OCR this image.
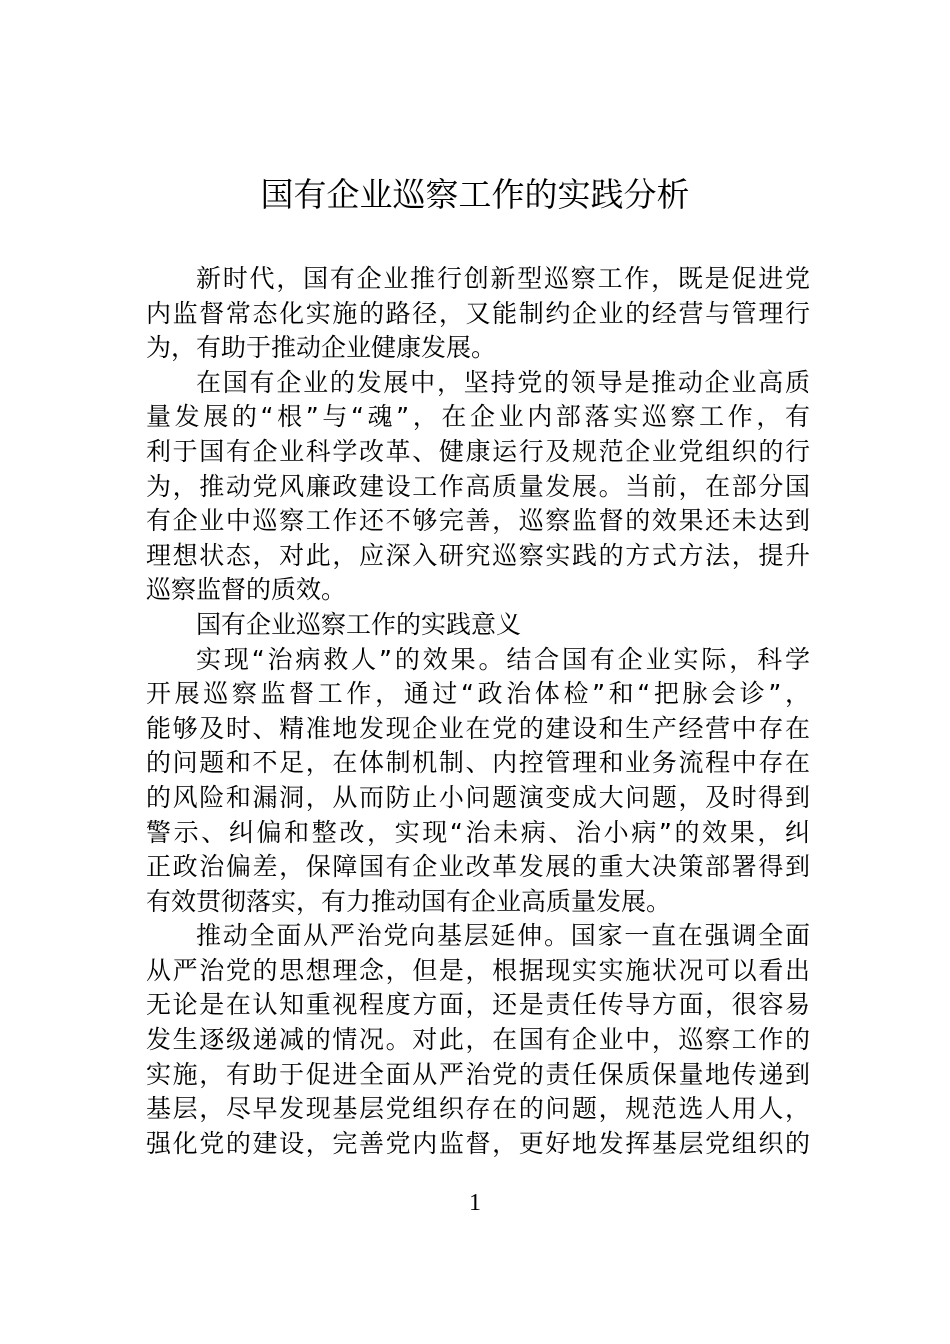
国有企业巡察工作的实践分析
新时代，国有企业推行创新型巡察工作，既是促进党
内监督常态化实施的路径，又能制约企业的经营与管理行
为，有助于推动企业健康发展。
在国有企业的发展中，坚持党的领导是推动企业高质
量发展的“根”与“魂”，在企业内部落实巡察工作，有
利于国有企业科学改革、健康运行及规范企业党组织的行
为，推动党风廉政建设工作高质量发展。当前，在部分国
有企业中巡察工作还不够完善，巡察监督的效果还未达到
理想状态，对此，应深入研究巡察实践的方式方法，提升
巡察监督的质效。
国有企业巡察工作的实践意义
实现“治病救人”的效果。结合国有企业实际，科学
开展巡察监督工作，通过“政治体检”和“把脉会诊”，
能够及时、精准地发现企业在党的建设和生产经营中存在
的问题和不足，在体制机制、内控管理和业务流程中存在
的风险和漏洞，从而防止小问题演变成大问题，及时得到
警示、纠偏和整改，实现“治未病、治小病”的效果，纠
正政治偏差，保障国有企业改革发展的重大决策部署得到
有效贯彻落实，有力推动国有企业高质量发展。
推动全面从严治党向基层延伸。国家一直在强调全面
从严治党的思想理念，但是，根据现实实施状况可以看出
无论是在认知重视程度方面，还是责任传导方面，很容易
发生逐级递减的情况。对此，在国有企业中，巡察工作的
实施，有助于促进全面从严治党的责任保质保量地传递到
基层，尽早发现基层党组织存在的问题，规范选人用人，
强化党的建设，完善党内监督，更好地发挥基层党组织的
1
